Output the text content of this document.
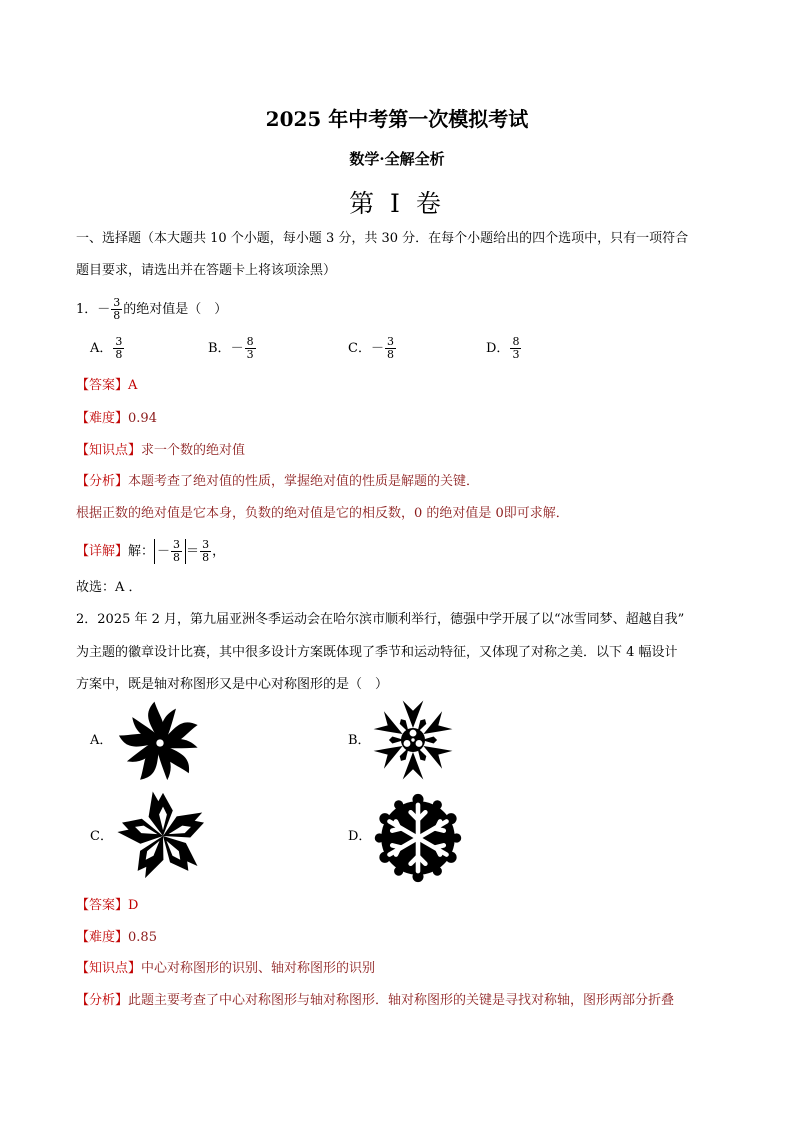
2025 年中考第一次模拟考试
数学·全解全析
第 I 卷
一、选择题（本大题共 10 个小题，每小题 3 分，共 30 分．在每个小题给出的四个选项中，只有一项符合
题目要求，请选出并在答题卡上将该项涂黑）
1． － $\frac{3}{8}$ 的绝对值是（　）
A． $\frac{3}{8}$	B． － $\frac{8}{3}$	C． － $\frac{3}{8}$	D． $\frac{8}{3}$
【答案】A
【难度】0.94
【知识点】求一个数的绝对值
【分析】本题考查了绝对值的性质，掌握绝对值的性质是解题的关键．
根据正数的绝对值是它本身，负数的绝对值是它的相反数，0 的绝对值是 0即可求解．
【详解】 解： － $\frac{3}{8} = \frac{3}{8}$ ，
故选：A ．
2．2025 年 2 月，第九届亚洲冬季运动会在哈尔滨市顺利举行，德强中学开展了以“冰雪同梦、超越自我”
为主题的徽章设计比赛，其中很多设计方案既体现了季节和运动特征，又体现了对称之美．以下 4 幅设计
方案中，既是轴对称图形又是中心对称图形的是（　）
A．	B．
C．	D．
【答案】D
【难度】0.85
【知识点】中心对称图形的识别、轴对称图形的识别
【分析】此题主要考查了中心对称图形与轴对称图形．轴对称图形的关键是寻找对称轴，图形两部分折叠
